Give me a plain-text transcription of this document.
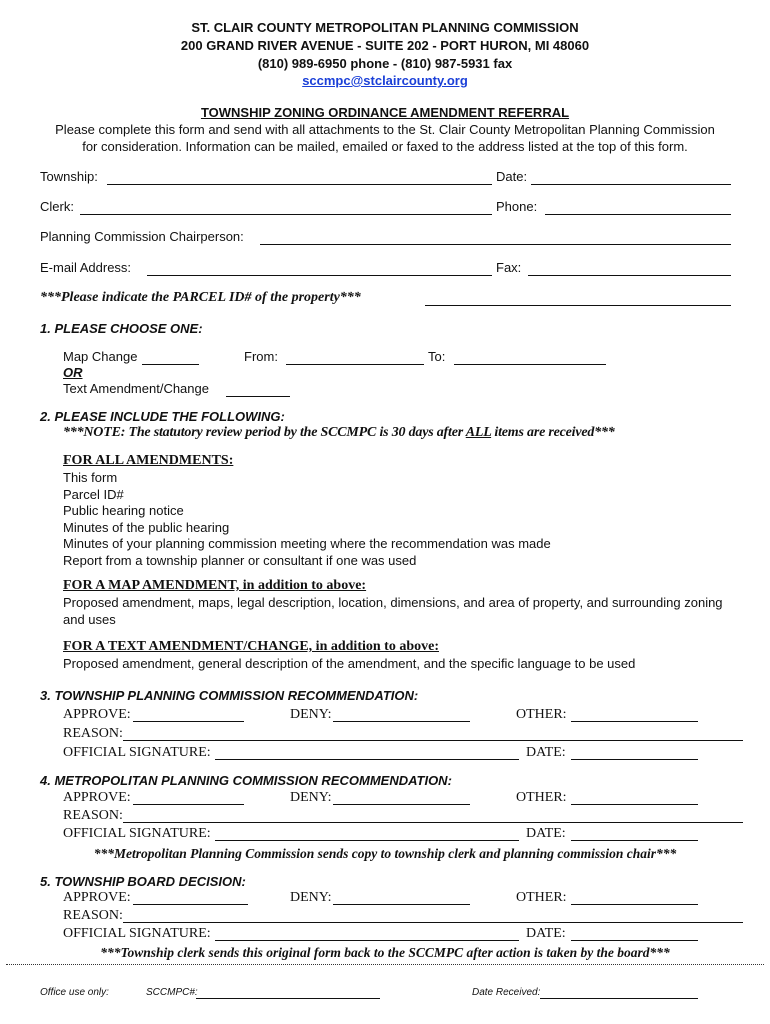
ST. CLAIR COUNTY METROPOLITAN PLANNING COMMISSION
200 GRAND RIVER AVENUE - SUITE 202 - PORT HURON, MI 48060
(810) 989-6950 phone - (810) 987-5931 fax
sccmpc@stclaircounty.org
TOWNSHIP ZONING ORDINANCE AMENDMENT REFERRAL
Please complete this form and send with all attachments to the St. Clair County Metropolitan Planning Commission
for consideration. Information can be mailed, emailed or faxed to the address listed at the top of this form.
Township:	Date:
Clerk:	Phone:
Planning Commission Chairperson:
E-mail Address:	Fax:
***Please indicate the PARCEL ID# of the property***
1. PLEASE CHOOSE ONE:
Map Change	From:	To:
OR
Text Amendment/Change
2. PLEASE INCLUDE THE FOLLOWING:
***NOTE: The statutory review period by the SCCMPC is 30 days after ALL items are received***
FOR ALL AMENDMENTS:
This form
Parcel ID#
Public hearing notice
Minutes of the public hearing
Minutes of your planning commission meeting where the recommendation was made
Report from a township planner or consultant if one was used
FOR A MAP AMENDMENT, in addition to above:
Proposed amendment, maps, legal description, location, dimensions, and area of property, and surrounding zoning
and uses
FOR A TEXT AMENDMENT/CHANGE, in addition to above:
Proposed amendment, general description of the amendment, and the specific language to be used
3. TOWNSHIP PLANNING COMMISSION RECOMMENDATION:
APPROVE:	DENY:	OTHER:
REASON:
OFFICIAL SIGNATURE:	DATE:
4. METROPOLITAN PLANNING COMMISSION RECOMMENDATION:
APPROVE:	DENY:	OTHER:
REASON:
OFFICIAL SIGNATURE:	DATE:
***Metropolitan Planning Commission sends copy to township clerk and planning commission chair***
5. TOWNSHIP BOARD DECISION:
APPROVE:	DENY:	OTHER:
REASON:
OFFICIAL SIGNATURE:	DATE:
***Township clerk sends this original form back to the SCCMPC after action is taken by the board***
Office use only:	SCCMPC#:	Date Received:
